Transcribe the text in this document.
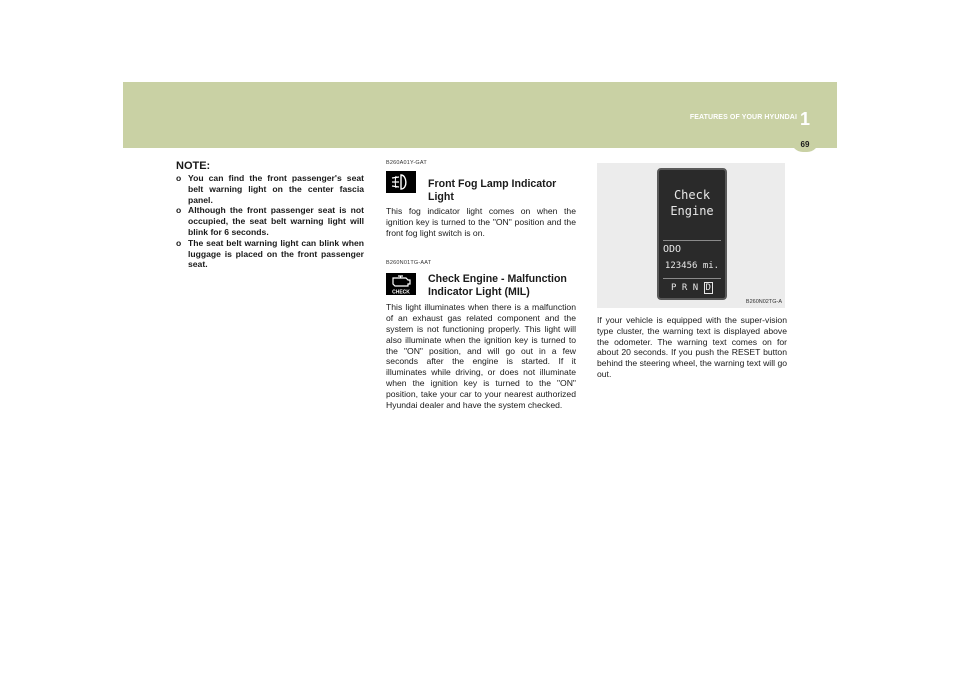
FEATURES OF YOUR HYUNDAI 1
69

NOTE:

o You can find the front passenger's seat belt warning light on the center fascia panel.
o Although the front passenger seat is not occupied, the seat belt warning light will blink for 6 seconds.
o The seat belt warning light can blink when luggage is placed on the front passenger seat.

B260A01Y-GAT

Front Fog Lamp Indicator Light

This fog indicator light comes on when the ignition key is turned to the "ON" position and the front fog light switch is on.

B260N01TG-AAT

CHECK

Check Engine - Malfunction Indicator Light (MIL)

This light illuminates when there is a malfunction of an exhaust gas related component and the system is not functioning properly. This light will also illuminate when the ignition key is turned to the "ON" position, and will go out in a few seconds after the engine is started. If it illuminates while driving, or does not illuminate when the ignition key is turned to the "ON" position, take your car to your nearest authorized Hyundai dealer and have the system checked.

Check
Engine
ODO
123456 mi.
P R N D
B260N02TG-A

If your vehicle is equipped with the super-vision type cluster, the warning text is displayed above the odometer. The warning text comes on for about 20 seconds. If you push the RESET button behind the steering wheel, the warning text will go out.
